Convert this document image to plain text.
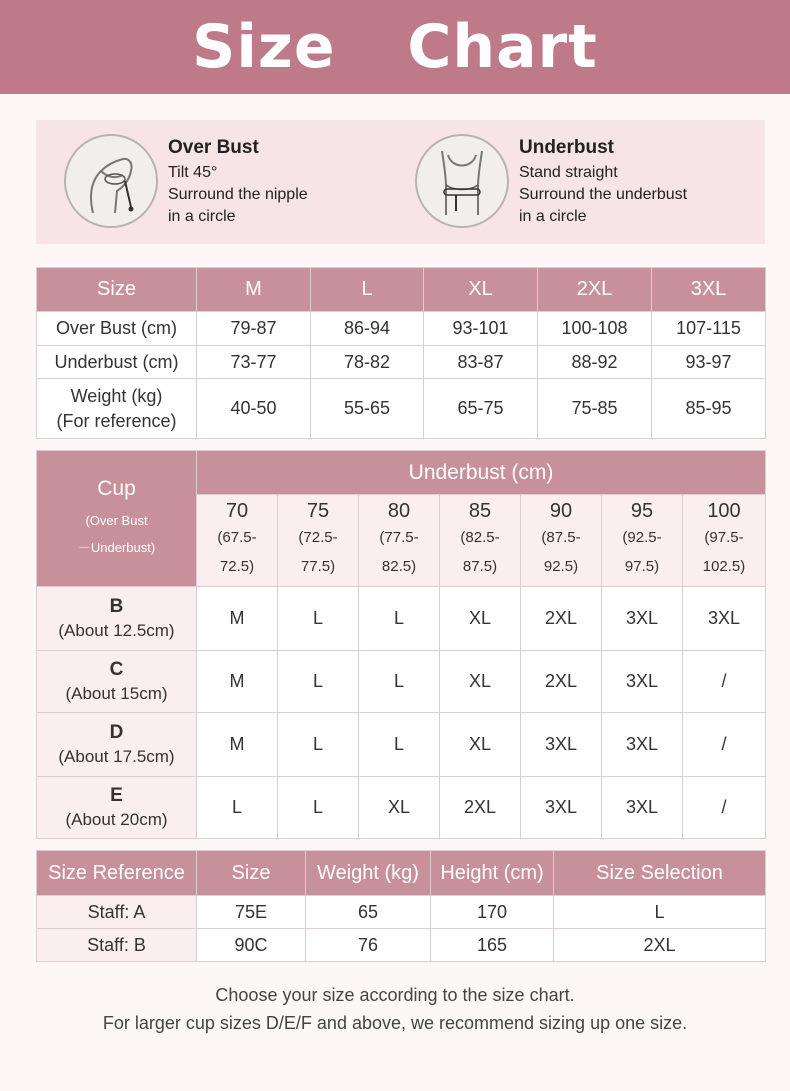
Size  Chart
Over Bust
Tilt 45°
Surround the nipple
in a circle
Underbust
Stand straight
Surround the underbust
in a circle
Size	M	L	XL	2XL	3XL
Over Bust (cm)	79-87	86-94	93-101	100-108	107-115
Underbust (cm)	73-77	78-82	83-87	88-92	93-97

Weight (kg)
(For reference)	40-50	55-65	65-75	75-85	85-95
Cup
(Over Bust
－Underbust)	Underbust (cm)						

	70
(67.5-
72.5)	75
(72.5-
77.5)	80
(77.5-
82.5)	85
(82.5-
87.5)	90
(87.5-
92.5)	95
(92.5-
97.5)	100
(97.5-
102.5)

B
(About 12.5cm)	M	L	L	XL	2XL	3XL	3XL
C
(About 15cm)	M	L	L	XL	2XL	3XL	/
D
(About 17.5cm)	M	L	L	XL	3XL	3XL	/
E
(About 20cm)	L	L	XL	2XL	3XL	3XL	/
Size Reference	Size	Weight (kg)	Height (cm)	Size Selection
Staff: A	75E	65	170	L
Staff: B	90C	76	165	2XL
Choose your size according to the size chart.
For larger cup sizes D/E/F and above, we recommend sizing up one size.
